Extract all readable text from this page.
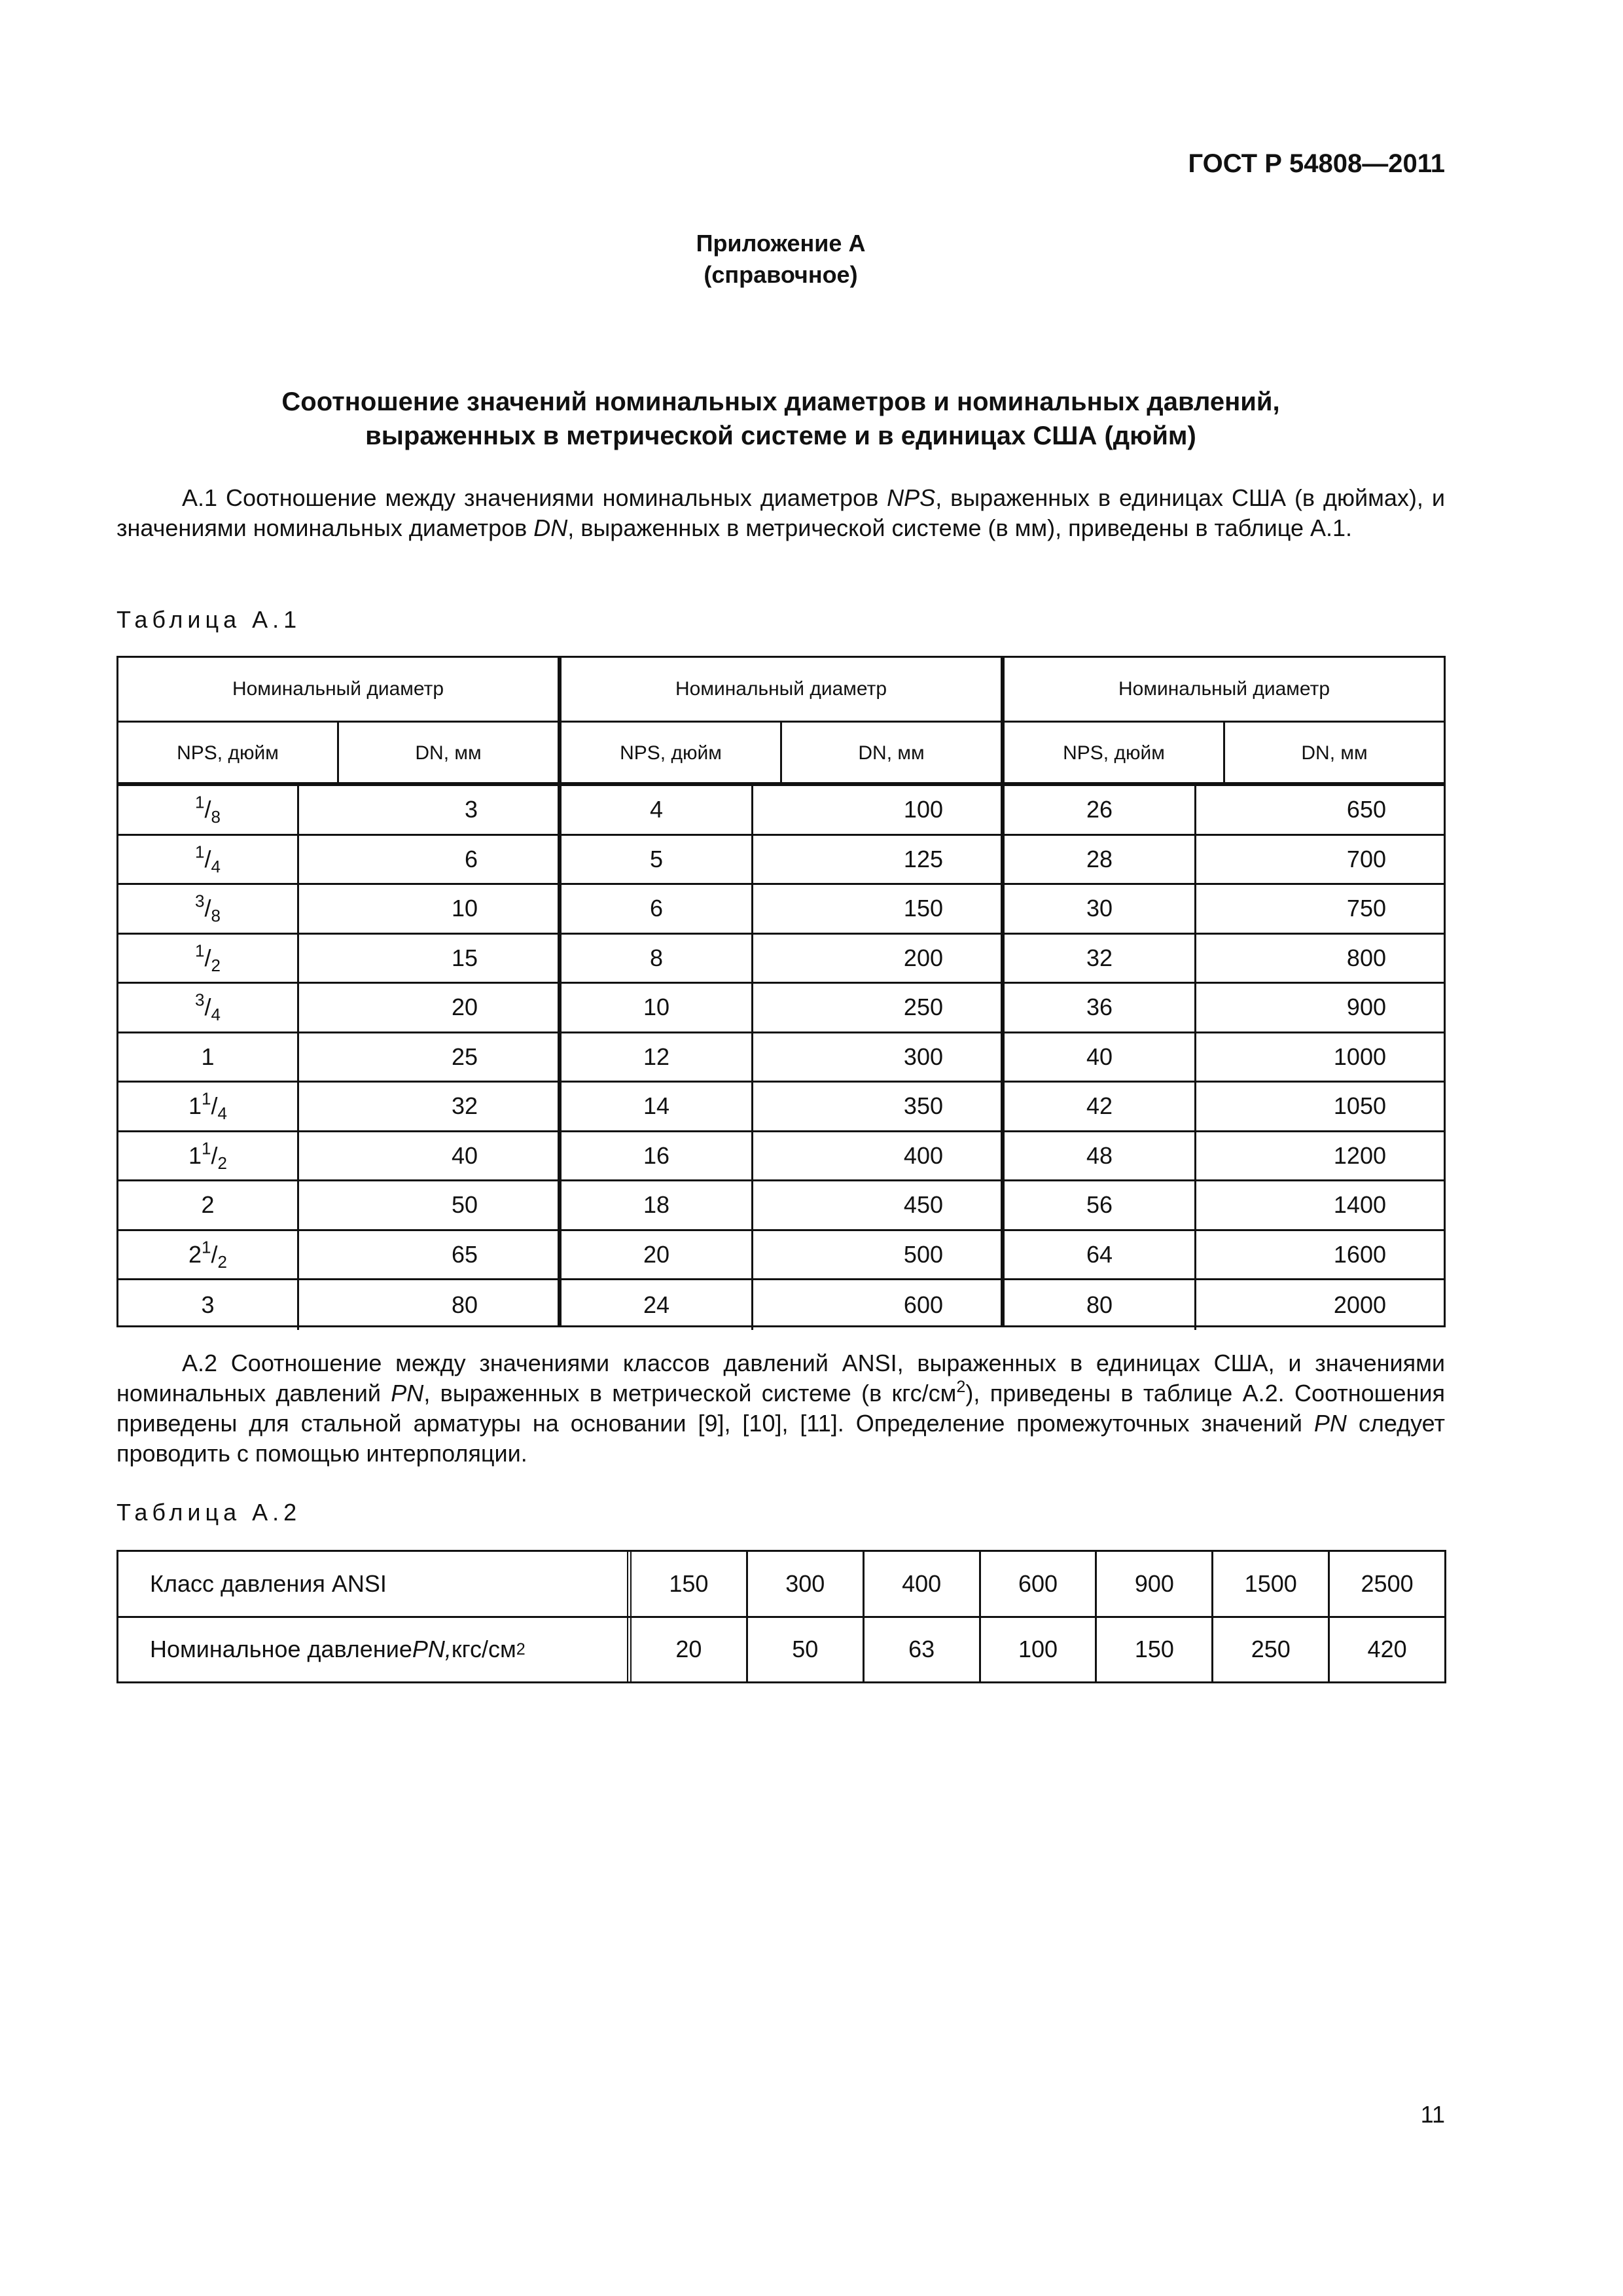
ГОСТ Р 54808—2011
Приложение А
(справочное)
Соотношение значений номинальных диаметров и номинальных давлений,
выраженных в метрической системе и в единицах США (дюйм)
А.1 Соотношение между значениями номинальных диаметров NPS, выраженных в единицах США (в дюймах), и значениями номинальных диаметров DN, выраженных в метрической системе (в мм), приведены в таблице А.1.
Таблица А.1
Номинальный диаметр
NPS, дюйм	DN, мм
$^1/_8$	3
$^1/_4$	6
$^3/_8$	10
$^1/_2$	15
$^3/_4$	20
1	25
1 $^1/_4$	32
1 $^1/_2$	40
2	50
2 $^1/_2$	65
3	80
Номинальный диаметр
NPS, дюйм	DN, мм
4	100
5	125
6	150
8	200
10	250
12	300
14	350
16	400
18	450
20	500
24	600
Номинальный диаметр
NPS, дюйм	DN, мм
26	650
28	700
30	750
32	800
36	900
40	1000
42	1050
48	1200
56	1400
64	1600
80	2000
А.2 Соотношение между значениями классов давлений ANSI, выраженных в единицах США, и значениями номинальных давлений PN, выраженных в метрической системе (в кгс/$см^2$), приведены в таблице А.2. Соотношения приведены для стальной арматуры на основании [9], [10], [11]. Определение промежуточных значений PN следует проводить с помощью интерполяции.
Таблица А.2
Класс давления ANSI	150	300	400	600	900	1500	2500
Номинальное давление PN, кгс/см 2	20	50	63	100	150	250	420
11
